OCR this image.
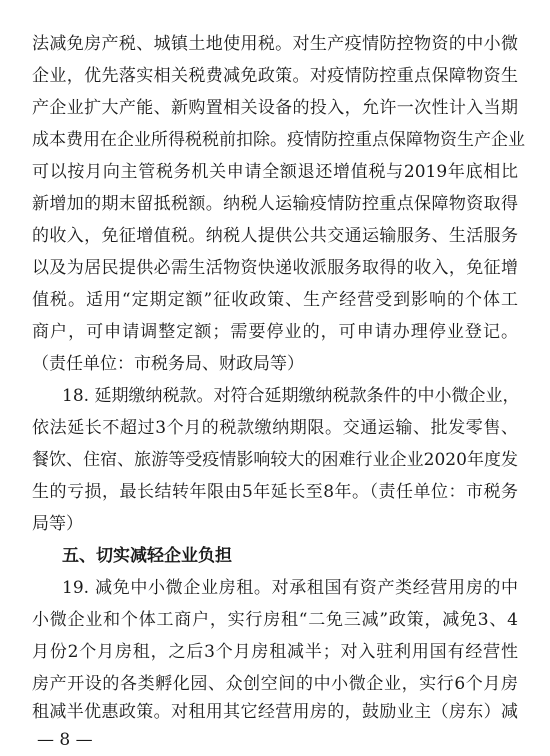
法减免房产税、城镇土地使用税。对生产疫情防控物资的中小微
企业，优先落实相关税费减免政策。对疫情防控重点保障物资生
产企业扩大产能、新购置相关设备的投入，允许一次性计入当期
成本费用在企业所得税税前扣除。疫情防控重点保障物资生产企业
可以按月向主管税务机关申请全额退还增值税与2019年底相比
新增加的期末留抵税额。纳税人运输疫情防控重点保障物资取得
的收入，免征增值税。纳税人提供公共交通运输服务、生活服务
以及为居民提供必需生活物资快递收派服务取得的收入，免征增
值税。适用“定期定额”征收政策、生产经营受到影响的个体工
商户，可申请调整定额；需要停业的，可申请办理停业登记。
（责任单位：市税务局、财政局等）
18. 延期缴纳税款。对符合延期缴纳税款条件的中小微企业，
依法延长不超过3个月的税款缴纳期限。交通运输、批发零售、
餐饮、住宿、旅游等受疫情影响较大的困难行业企业2020年度发
生的亏损，最长结转年限由5年延长至8年。（责任单位：市税务
局等）
五、切实减轻企业负担
19. 减免中小微企业房租。对承租国有资产类经营用房的中
小微企业和个体工商户，实行房租“二免三减”政策，减免3、4
月份2个月房租，之后3个月房租减半；对入驻利用国有经营性
房产开设的各类孵化园、众创空间的中小微企业，实行6个月房
租减半优惠政策。对租用其它经营用房的，鼓励业主（房东）减
— 8 —
